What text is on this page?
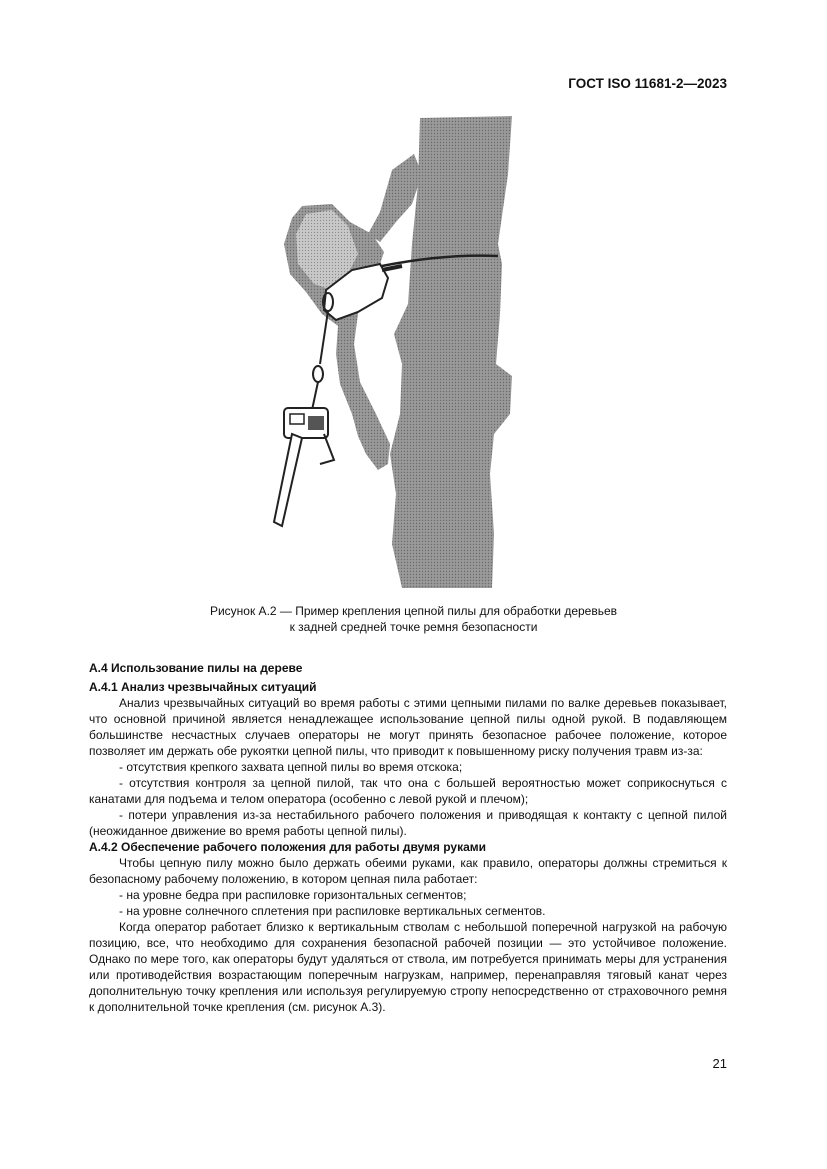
ГОСТ ISO 11681-2—2023
Рисунок А.2 — Пример крепления цепной пилы для обработки деревьев
к задней средней точке ремня безопасности

А.4 Использование пилы на дереве

А.4.1 Анализ чрезвычайных ситуаций

Анализ чрезвычайных ситуаций во время работы с этими цепными пилами по валке деревьев показывает, что основной причиной является ненадлежащее использование цепной пилы одной рукой. В подавляющем большинстве несчастных случаев операторы не могут принять безопасное рабочее положение, которое позволяет им держать обе рукоятки цепной пилы, что приводит к повышенному риску получения травм из-за:

- отсутствия крепкого захвата цепной пилы во время отскока;

- отсутствия контроля за цепной пилой, так что она с большей вероятностью может соприкоснуться с канатами для подъема и телом оператора (особенно с левой рукой и плечом);

- потери управления из-за нестабильного рабочего положения и приводящая к контакту с цепной пилой (неожиданное движение во время работы цепной пилы).

А.4.2 Обеспечение рабочего положения для работы двумя руками

Чтобы цепную пилу можно было держать обеими руками, как правило, операторы должны стремиться к безопасному рабочему положению, в котором цепная пила работает:

- на уровне бедра при распиловке горизонтальных сегментов;

- на уровне солнечного сплетения при распиловке вертикальных сегментов.

Когда оператор работает близко к вертикальным стволам с небольшой поперечной нагрузкой на рабочую позицию, все, что необходимо для сохранения безопасной рабочей позиции — это устойчивое положение. Однако по мере того, как операторы будут удаляться от ствола, им потребуется принимать меры для устранения или противодействия возрастающим поперечным нагрузкам, например, перенаправляя тяговый канат через дополнительную точку крепления или используя регулируемую стропу непосредственно от страховочного ремня к дополнительной точке крепления (см. рисунок А.3).

21
